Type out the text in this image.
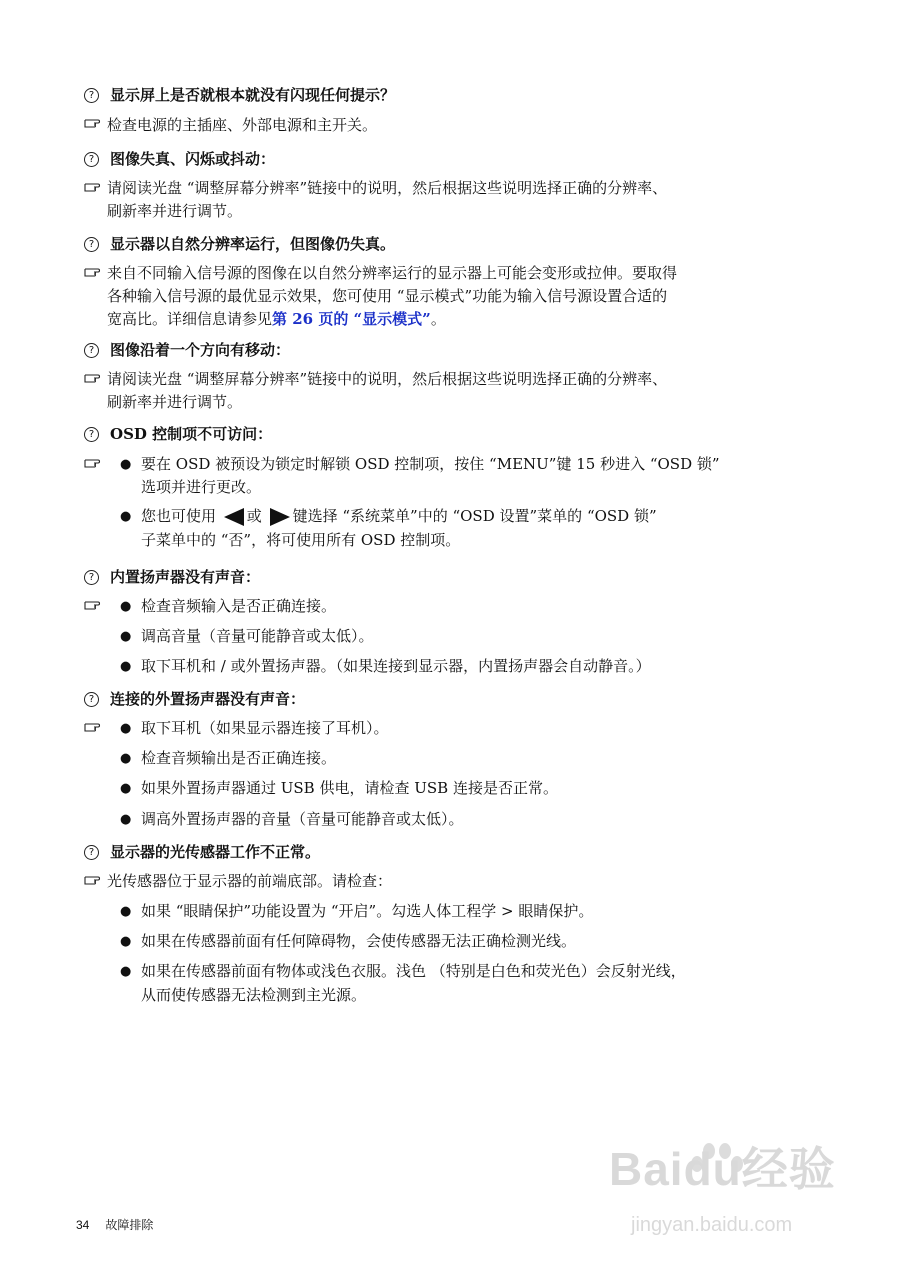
?	显示屏上是否就根本就没有闪现任何提示？
检查电源的主插座、外部电源和主开关。
?	图像失真、闪烁或抖动：
请阅读光盘 “调整屏幕分辨率”链接中的说明，然后根据这些说明选择正确的分辨率、
刷新率并进行调节。
?	显示器以自然分辨率运行，但图像仍失真。
来自不同输入信号源的图像在以自然分辨率运行的显示器上可能会变形或拉伸。要取得
各种输入信号源的最优显示效果，您可使用 “显示模式”功能为输入信号源设置合适的
宽高比。详细信息请参见第 26 页的 “显示模式”。
?	图像沿着一个方向有移动：
请阅读光盘 “调整屏幕分辨率”链接中的说明，然后根据这些说明选择正确的分辨率、
刷新率并进行调节。
?	OSD 控制项不可访问：
● 要在 OSD 被预设为锁定时解锁 OSD 控制项，按住 “MENU”键 15 秒进入 “OSD 锁”
选项并进行更改。
● 您也可使用 或 键选择 “系统菜单”中的 “OSD 设置”菜单的 “OSD 锁”
子菜单中的 “否”，将可使用所有 OSD 控制项。
?	内置扬声器没有声音：
● 检查音频输入是否正确连接。
● 调高音量（音量可能静音或太低）。
● 取下耳机和 / 或外置扬声器。（如果连接到显示器，内置扬声器会自动静音。）
?	连接的外置扬声器没有声音：
● 取下耳机（如果显示器连接了耳机）。
● 检查音频输出是否正确连接。
● 如果外置扬声器通过 USB 供电，请检查 USB 连接是否正常。
● 调高外置扬声器的音量（音量可能静音或太低）。
?	显示器的光传感器工作不正常。
光传感器位于显示器的前端底部。请检查：
● 如果 “眼睛保护”功能设置为 “开启”。勾选人体工程学 > 眼睛保护。
● 如果在传感器前面有任何障碍物，会使传感器无法正确检测光线。
● 如果在传感器前面有物体或浅色衣服。浅色 （特别是白色和荧光色）会反射光线，
从而使传感器无法检测到主光源。
34 故障排除
Baidu经验
jingyan.baidu.com
